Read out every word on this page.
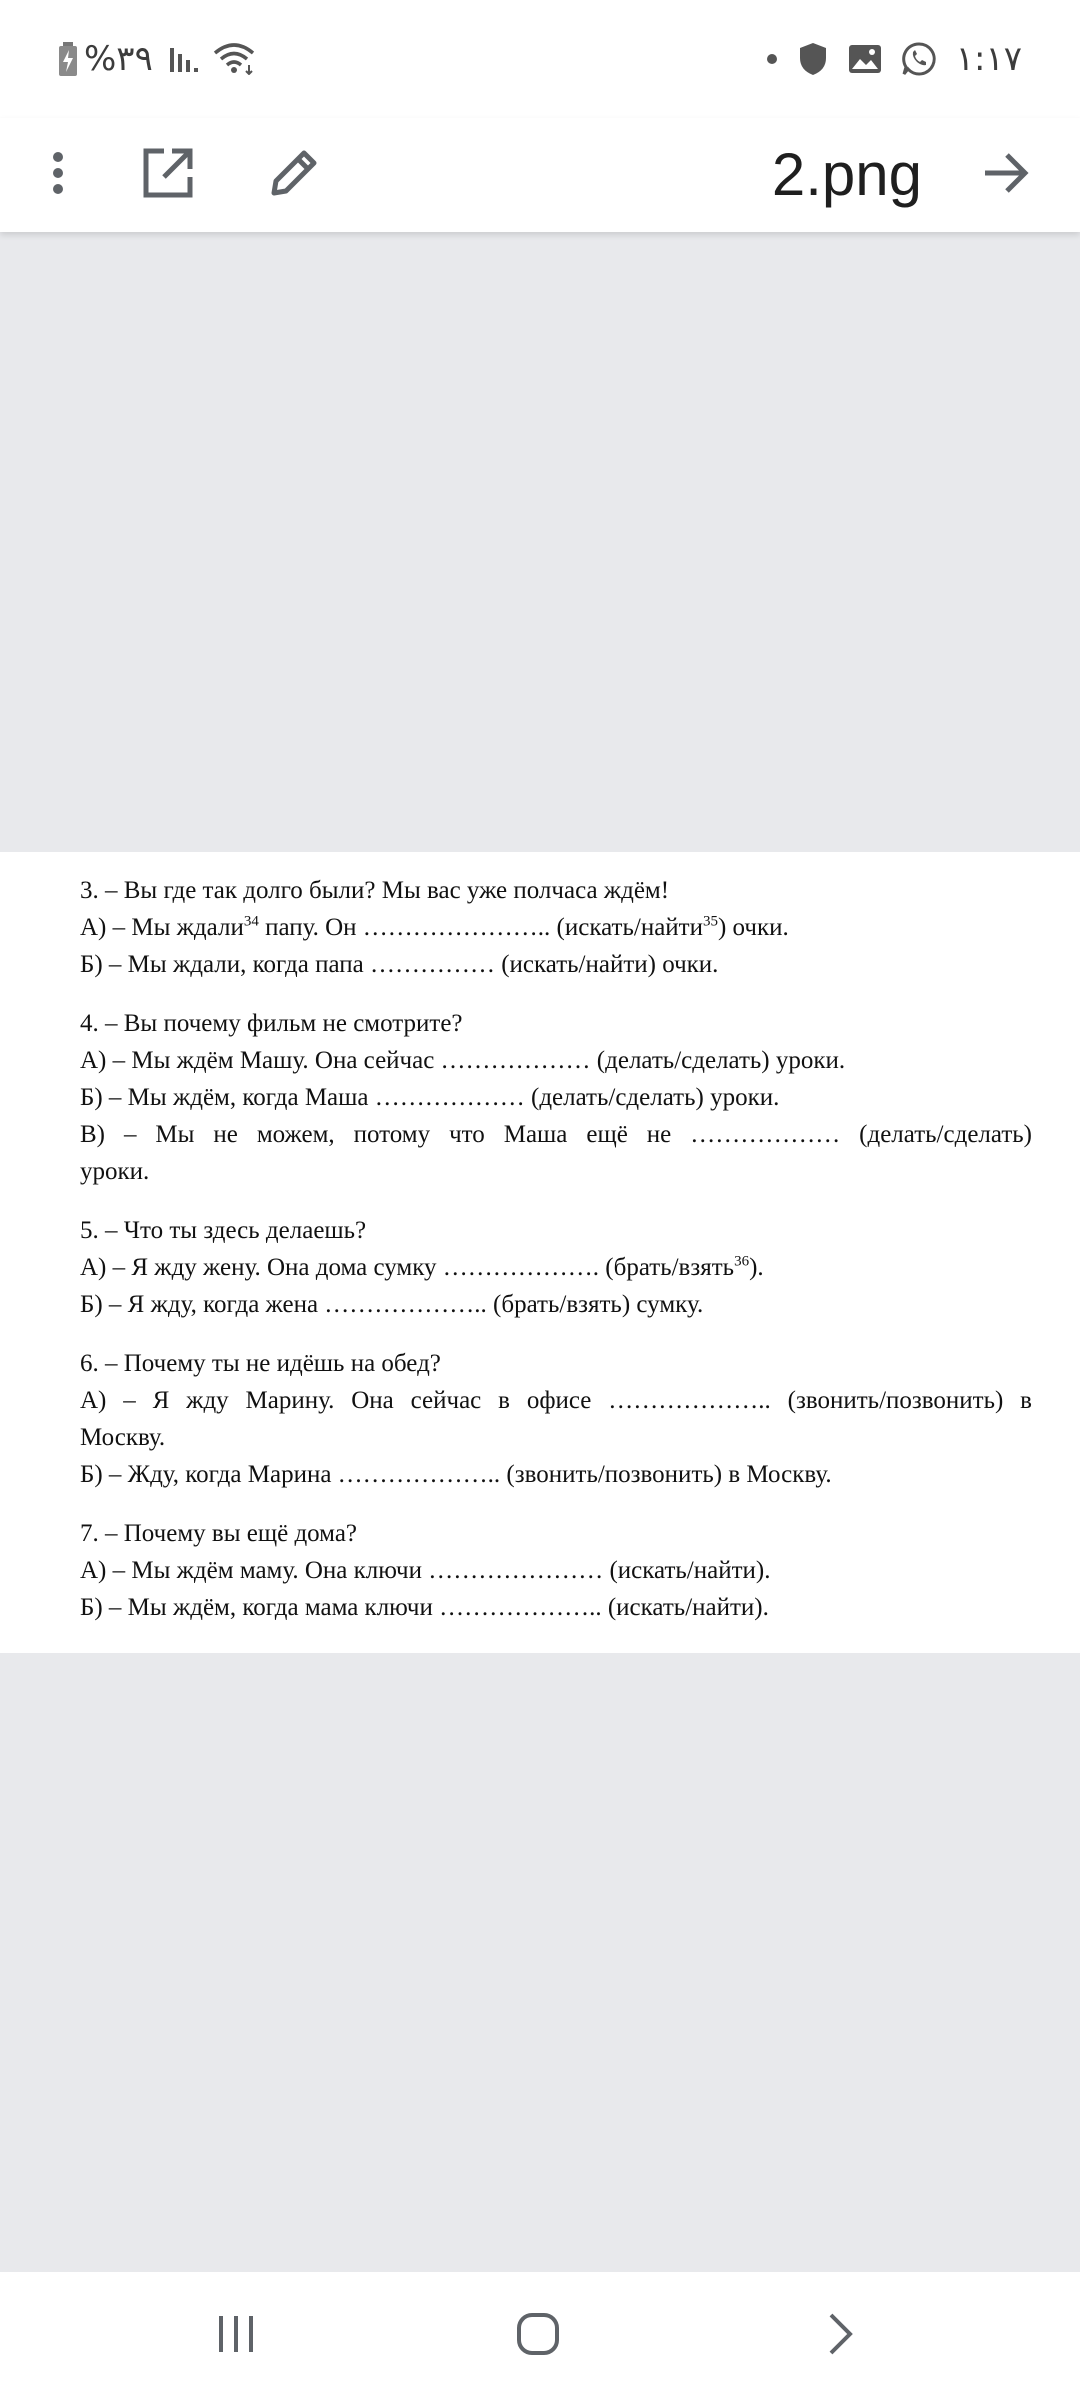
%۳۹	۱:۱۷
2.png
3. – Вы где так долго были? Мы вас уже полчаса ждём!
А) – Мы ждали$^{34}$ папу. Он ………………….. (искать/найти$^{35}$) очки.
Б) – Мы ждали, когда папа …………… (искать/найти) очки.
4. – Вы почему фильм не смотрите?
А) – Мы ждём Машу. Она сейчас ……………… (делать/сделать) уроки.
Б) – Мы ждём, когда Маша ……………… (делать/сделать) уроки.
В) – Мы не можем, потому что Маша ещё не ……………… (делать/сделать)
уроки.
5. – Что ты здесь делаешь?
А) – Я жду жену. Она дома сумку ………………. (брать/взять$^{36}$).
Б) – Я жду, когда жена ……………….. (брать/взять) сумку.
6. – Почему ты не идёшь на обед?
А) – Я жду Марину. Она сейчас в офисе ……………….. (звонить/позвонить) в
Москву.
Б) – Жду, когда Марина ……………….. (звонить/позвонить) в Москву.
7. – Почему вы ещё дома?
А) – Мы ждём маму. Она ключи ………………… (искать/найти).
Б) – Мы ждём, когда мама ключи ……………….. (искать/найти).
